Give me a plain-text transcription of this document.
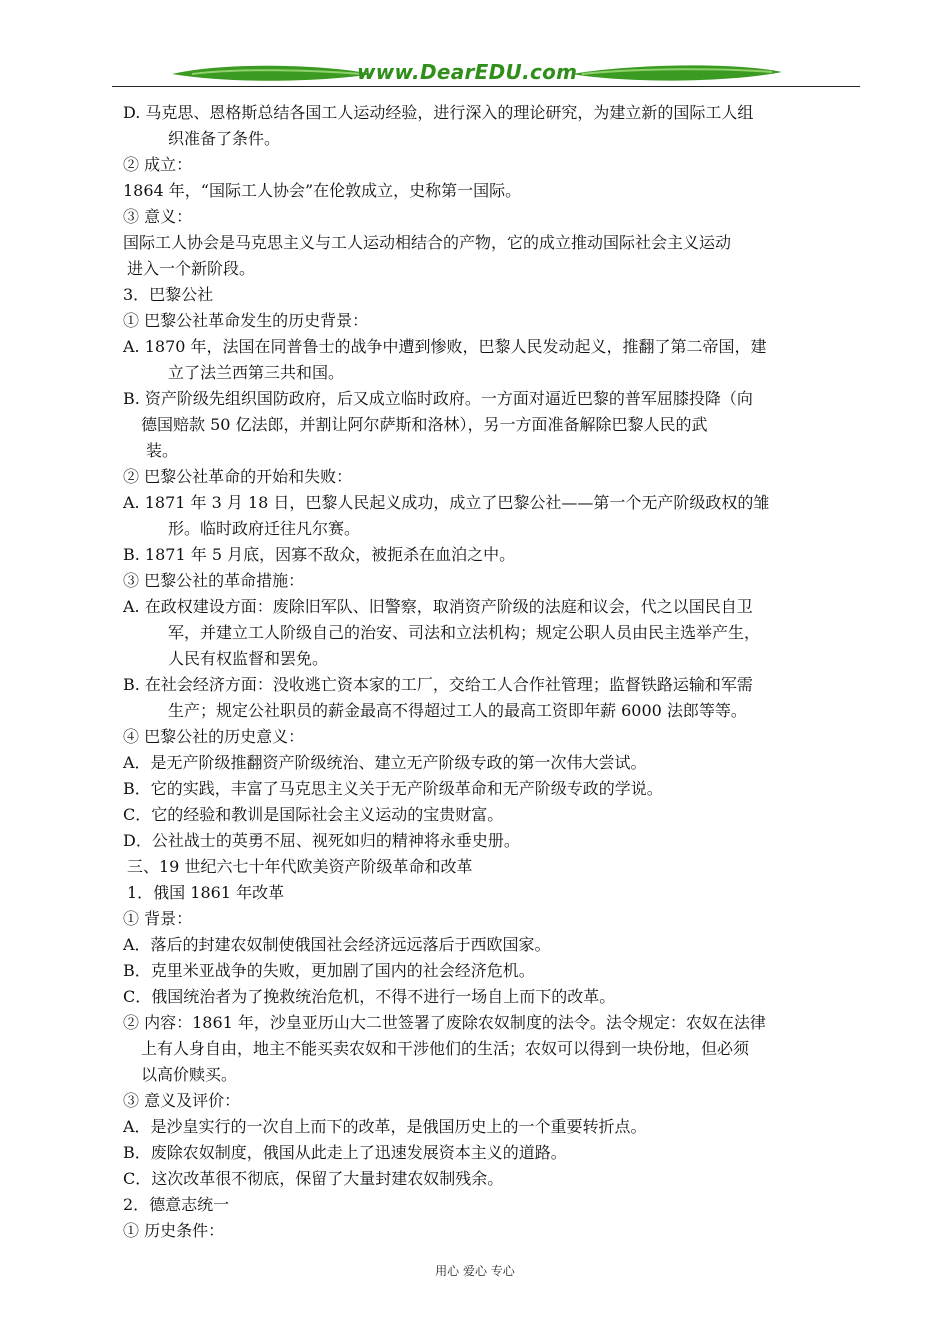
www.DearEDU.com
D. 马克思、恩格斯总结各国工人运动经验，进行深入的理论研究，为建立新的国际工人组
织准备了条件。
② 成立：
1864 年，“国际工人协会”在伦敦成立，史称第一国际。
③ 意义：
国际工人协会是马克思主义与工人运动相结合的产物，它的成立推动国际社会主义运动
进入一个新阶段。
3．巴黎公社
① 巴黎公社革命发生的历史背景：
A. 1870 年，法国在同普鲁士的战争中遭到惨败，巴黎人民发动起义，推翻了第二帝国，建
立了法兰西第三共和国。
B. 资产阶级先组织国防政府，后又成立临时政府。一方面对逼近巴黎的普军屈膝投降（向
德国赔款 50 亿法郎，并割让阿尔萨斯和洛林），另一方面准备解除巴黎人民的武
装。
② 巴黎公社革命的开始和失败：
A. 1871 年 3 月 18 日，巴黎人民起义成功，成立了巴黎公社——第一个无产阶级政权的雏
形。临时政府迁往凡尔赛。
B. 1871 年 5 月底，因寡不敌众，被扼杀在血泊之中。
③ 巴黎公社的革命措施：
A. 在政权建设方面：废除旧军队、旧警察，取消资产阶级的法庭和议会，代之以国民自卫
军，并建立工人阶级自己的治安、司法和立法机构；规定公职人员由民主选举产生，
人民有权监督和罢免。
B. 在社会经济方面：没收逃亡资本家的工厂，交给工人合作社管理；监督铁路运输和军需
生产；规定公社职员的薪金最高不得超过工人的最高工资即年薪 6000 法郎等等。
④ 巴黎公社的历史意义：
A．是无产阶级推翻资产阶级统治、建立无产阶级专政的第一次伟大尝试。
B．它的实践，丰富了马克思主义关于无产阶级革命和无产阶级专政的学说。
C．它的经验和教训是国际社会主义运动的宝贵财富。
D．公社战士的英勇不屈、视死如归的精神将永垂史册。
三、19 世纪六七十年代欧美资产阶级革命和改革
1．俄国 1861 年改革
① 背景：
A．落后的封建农奴制使俄国社会经济远远落后于西欧国家。
B．克里米亚战争的失败，更加剧了国内的社会经济危机。
C．俄国统治者为了挽救统治危机，不得不进行一场自上而下的改革。
② 内容：1861 年，沙皇亚历山大二世签署了废除农奴制度的法令。法令规定：农奴在法律
上有人身自由，地主不能买卖农奴和干涉他们的生活；农奴可以得到一块份地，但必须
以高价赎买。
③ 意义及评价：
A．是沙皇实行的一次自上而下的改革，是俄国历史上的一个重要转折点。
B．废除农奴制度，俄国从此走上了迅速发展资本主义的道路。
C．这次改革很不彻底，保留了大量封建农奴制残余。
2．德意志统一
① 历史条件：
用心 爱心 专心
